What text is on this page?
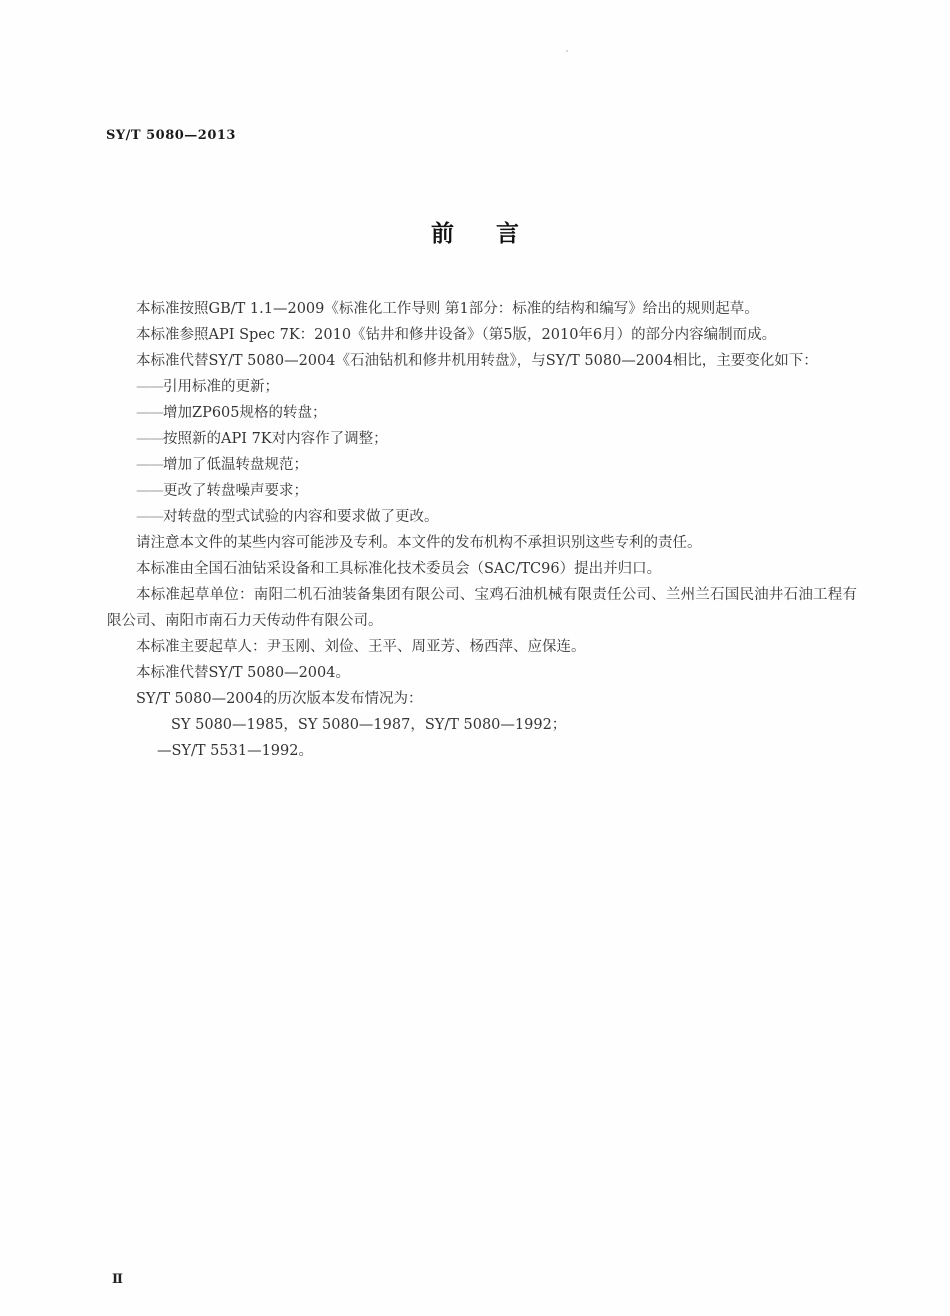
SY/T 5080—2013
前言

本标准按照GB/T 1.1—2009《标准化工作导则 第1部分：标准的结构和编写》给出的规则起草。

本标准参照API Spec 7K：2010《钻井和修井设备》（第5版，2010年6月）的部分内容编制而成。

本标准代替SY/T 5080—2004《石油钻机和修井机用转盘》，与SY/T 5080—2004相比，主要变化如下：

——引用标准的更新；

——增加ZP605规格的转盘；

——按照新的API 7K对内容作了调整；

——增加了低温转盘规范；

——更改了转盘噪声要求；

——对转盘的型式试验的内容和要求做了更改。

请注意本文件的某些内容可能涉及专利。本文件的发布机构不承担识别这些专利的责任。

本标准由全国石油钻采设备和工具标准化技术委员会（SAC/TC96）提出并归口。

本标准起草单位：南阳二机石油装备集团有限公司、宝鸡石油机械有限责任公司、兰州兰石国民油井石油工程有限公司、南阳市南石力天传动件有限公司。

本标准主要起草人：尹玉刚、刘俭、王平、周亚芳、杨西萍、应保连。

本标准代替SY/T 5080—2004。

SY/T 5080—2004的历次版本发布情况为：

SY 5080—1985，SY 5080—1987，SY/T 5080—1992；

—SY/T 5531—1992。

Ⅱ
